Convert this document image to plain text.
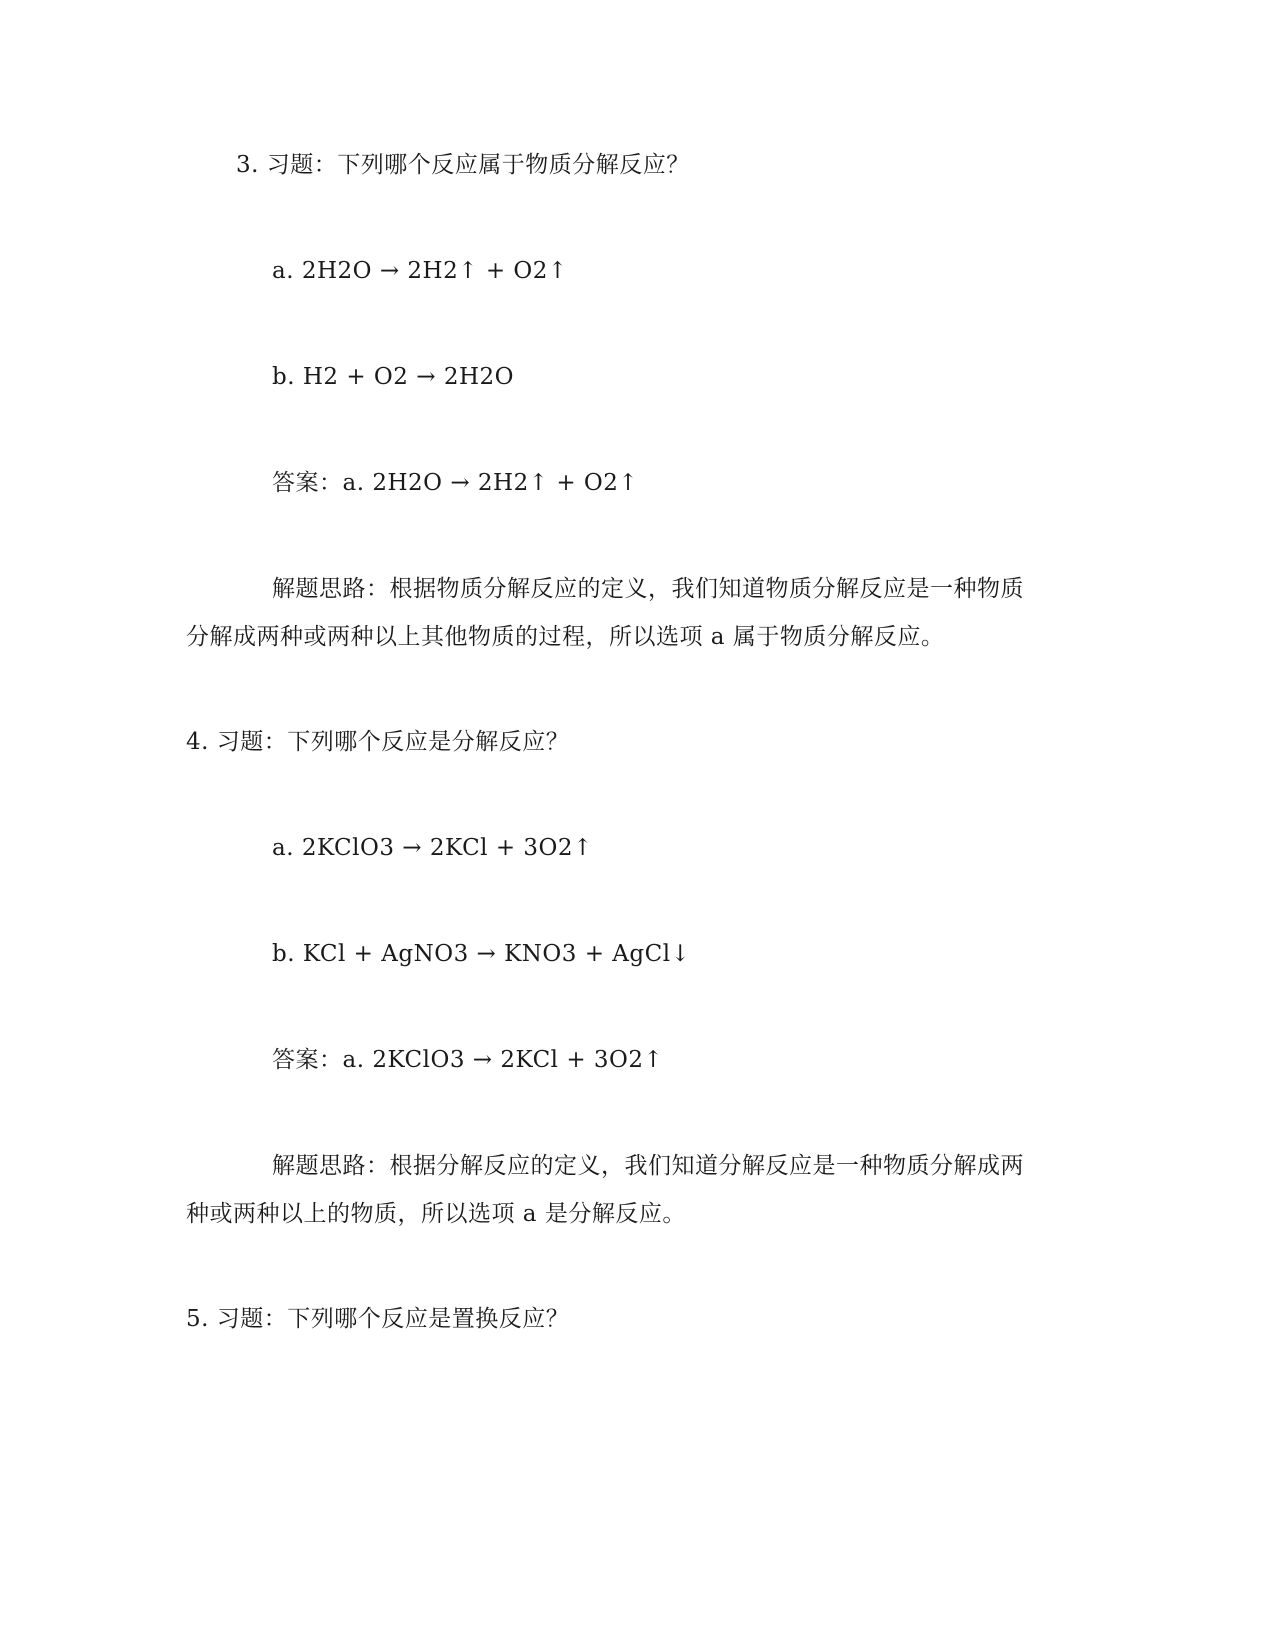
3. 习题：下列哪个反应属于物质分解反应？
a. 2H2O → 2H2↑ + O2↑
b. H2 + O2 → 2H2O
答案：a. 2H2O → 2H2↑ + O2↑
解题思路：根据物质分解反应的定义，我们知道物质分解反应是一种物质
分解成两种或两种以上其他物质的过程，所以选项 a 属于物质分解反应。
4. 习题：下列哪个反应是分解反应？
a. 2KClO3 → 2KCl + 3O2↑
b. KCl + AgNO3 → KNO3 + AgCl↓
答案：a. 2KClO3 → 2KCl + 3O2↑
解题思路：根据分解反应的定义，我们知道分解反应是一种物质分解成两
种或两种以上的物质，所以选项 a 是分解反应。
5. 习题：下列哪个反应是置换反应？
